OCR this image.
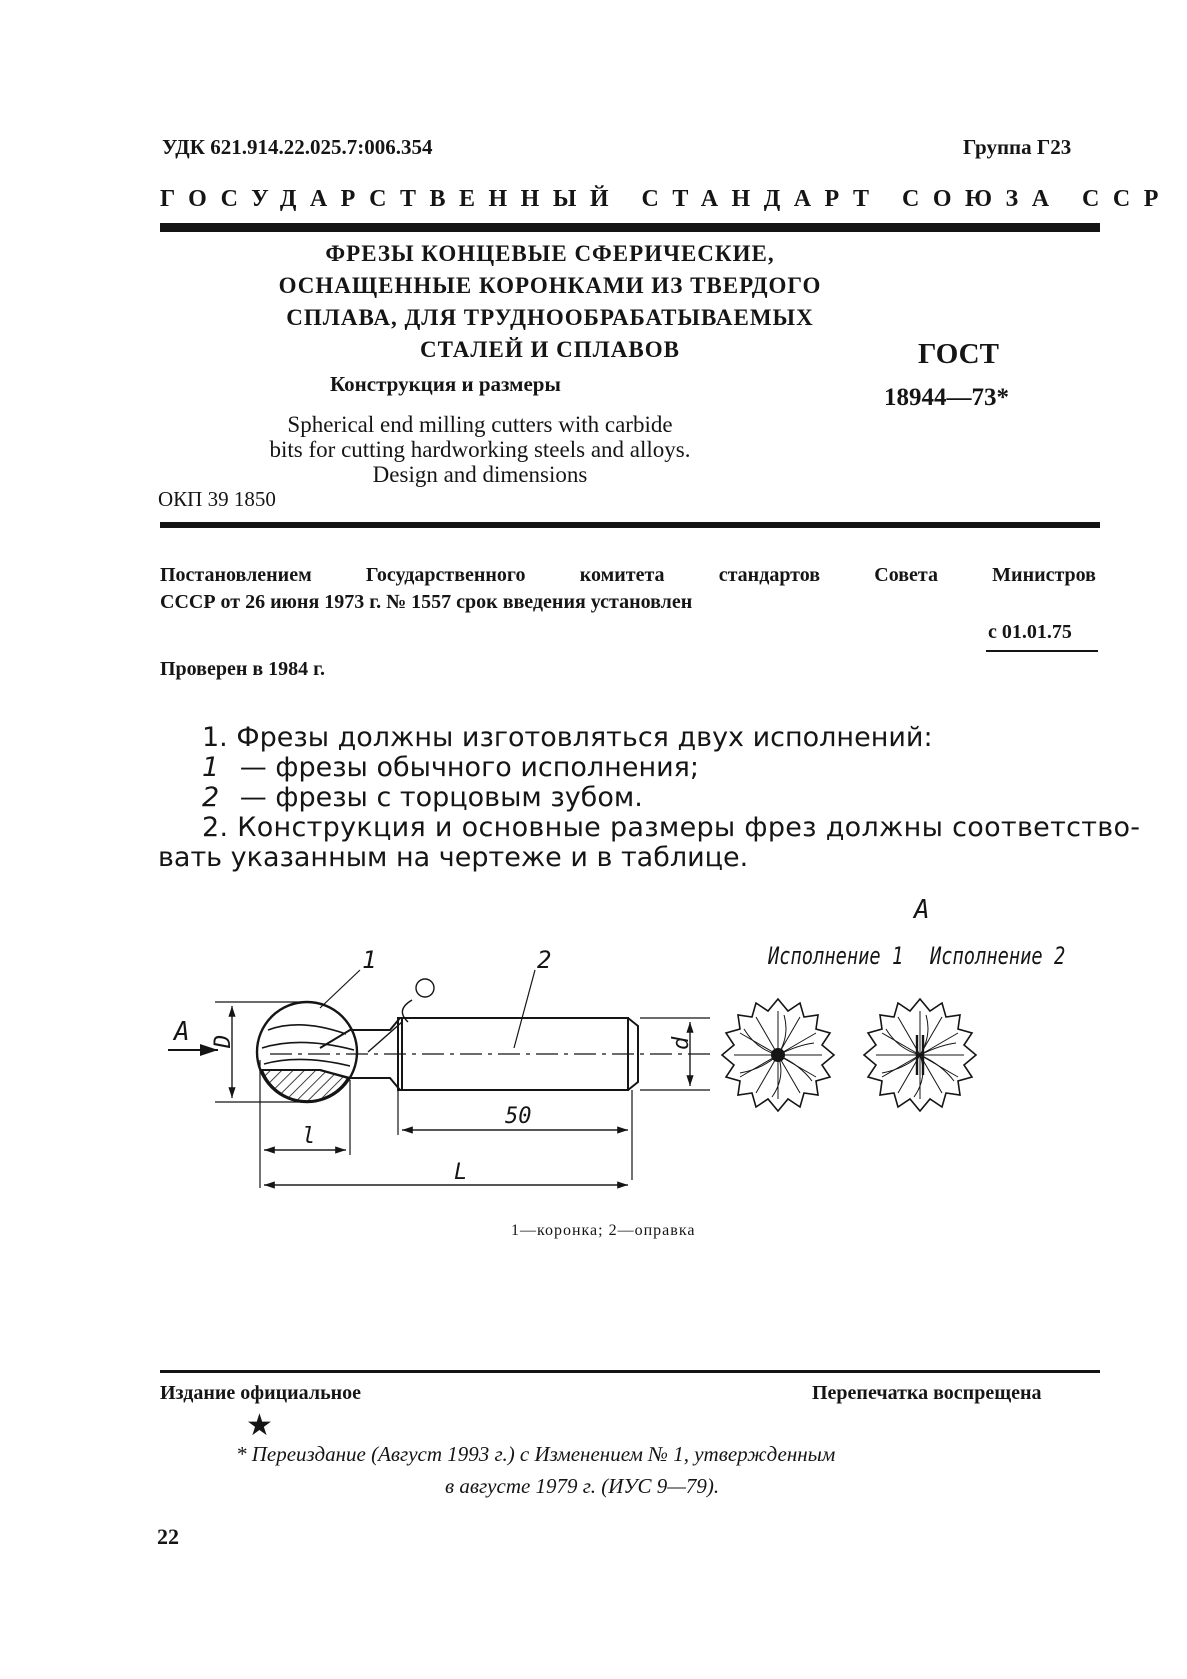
УДК 621.914.22.025.7:006.354	Группа Г23
ГОСУДАРСТВЕННЫЙ СТАНДАРТ СОЮЗА ССР
ФРЕЗЫ КОНЦЕВЫЕ СФЕРИЧЕСКИЕ,
ОСНАЩЕННЫЕ КОРОНКАМИ ИЗ ТВЕРДОГО
СПЛАВА, ДЛЯ ТРУДНООБРАБАТЫВАЕМЫХ
СТАЛЕЙ И СПЛАВОВ
Конструкция и размеры
Spherical end milling cutters with carbide
bits for cutting hardworking steels and alloys.
Design and dimensions
ОКП 39 1850
ГОСТ
18944—73*
Постановлением Государственного комитета стандартов Совета Министров
СССР от 26 июня 1973 г. № 1557 срок введения установлен
с 01.01.75
Проверен в 1984 г.
1. Фрезы должны изготовляться двух исполнений:
1 — фрезы обычного исполнения;
2 — фрезы с торцовым зубом.
2. Конструкция и основные размеры фрез должны соответство-
вать указанным на чертеже и в таблице.
А
Исполнение 1 Исполнение 2
А
1	2
D	d
50
l
L
1—коронка; 2—оправка
Издание официальное	Перепечатка воспрещена
★
* Переиздание (Август 1993 г.) с Изменением № 1, утвержденным
в августе 1979 г. (ИУС 9—79).
22
